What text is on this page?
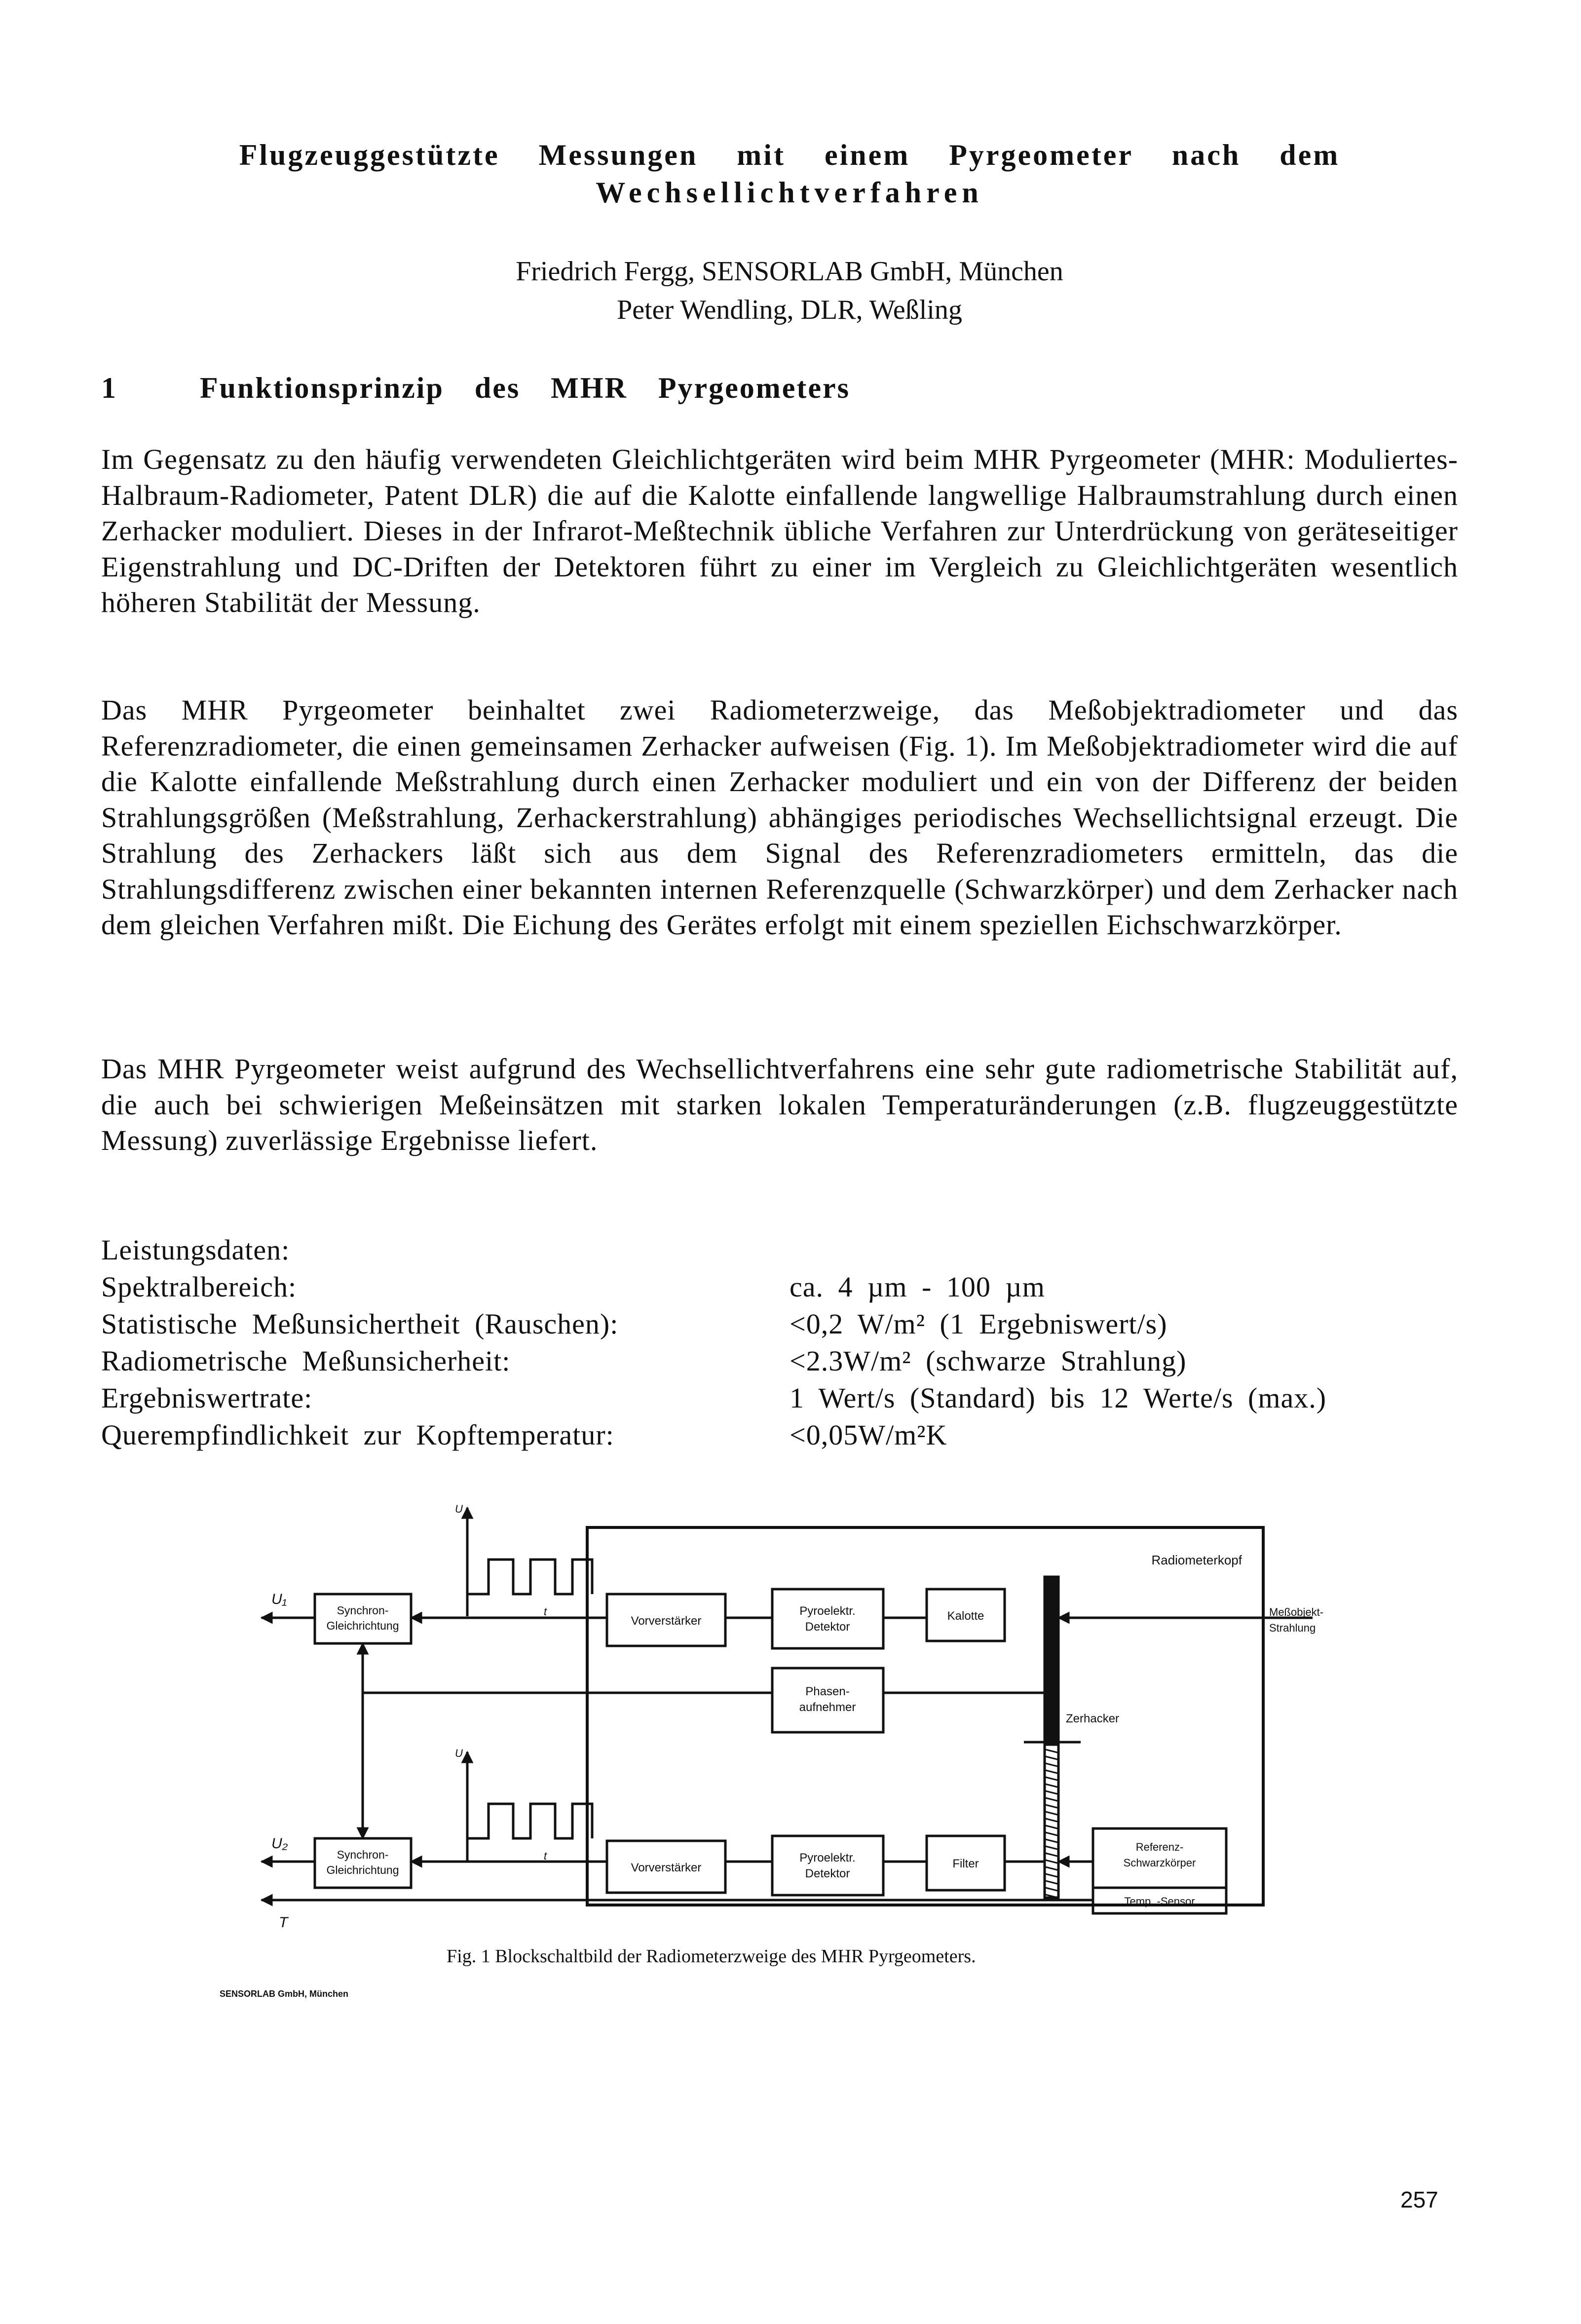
Flugzeuggestützte Messungen mit einem Pyrgeometer nach dem
Wechsellichtverfahren
Friedrich Fergg, SENSORLAB GmbH, München
Peter Wendling, DLR, Weßling
1	Funktionsprinzip des MHR Pyrgeometers
Im Gegensatz zu den häufig verwendeten Gleichlichtgeräten wird beim MHR Pyrgeometer (MHR: Moduliertes-Halbraum-Radiometer, Patent DLR) die auf die Kalotte einfallende langwellige Halbraumstrahlung durch einen Zerhacker moduliert. Dieses in der Infrarot-Meßtechnik übliche Verfahren zur Unterdrückung von geräteseitiger Eigenstrahlung und DC-Driften der Detektoren führt zu einer im Vergleich zu Gleichlichtgeräten wesentlich höheren Stabilität der Messung.
Das MHR Pyrgeometer beinhaltet zwei Radiometerzweige, das Meßobjektradiometer und das Referenzradiometer, die einen gemeinsamen Zerhacker aufweisen (Fig. 1). Im Meßobjektradiometer wird die auf die Kalotte einfallende Meßstrahlung durch einen Zerhacker moduliert und ein von der Differenz der beiden Strahlungsgrößen (Meßstrahlung, Zerhackerstrahlung) abhängiges periodisches Wechsellichtsignal erzeugt. Die Strahlung des Zerhackers läßt sich aus dem Signal des Referenzradiometers ermitteln, das die Strahlungsdifferenz zwischen einer bekannten internen Referenzquelle (Schwarzkörper) und dem Zerhacker nach dem gleichen Verfahren mißt. Die Eichung des Gerätes erfolgt mit einem speziellen Eichschwarzkörper.
Das MHR Pyrgeometer weist aufgrund des Wechsellichtverfahrens eine sehr gute radiometrische Stabilität auf, die auch bei schwierigen Meßeinsätzen mit starken lokalen Temperaturänderungen (z.B. flugzeuggestützte Messung) zuverlässige Ergebnisse liefert.
Leistungsdaten:
Spektralbereich:	ca. 4 µm - 100 µm
Statistische Meßunsichertheit (Rauschen):	<0,2 W/m² (1 Ergebniswert/s)
Radiometrische Meßunsicherheit:	<2.3W/m² (schwarze Strahlung)
Ergebniswertrate:	1 Wert/s (Standard) bis 12 Werte/s (max.)
Querempfindlichkeit zur Kopftemperatur:	<0,05W/m²K
Radiometerkopf
Synchron-
Gleichrichtung	Vorverstärker
Pyroelektr.
Detektor
Kalotte
Phasen-
aufnehmer
Synchron-
Gleichrichtung	Vorverstärker
Pyroelektr.
Detektor
Filter
Referenz-
Schwarzkörper
Temp. -Sensor
Zerhacker
Meßobjekt-
Strahlung
U₁
U₂
T
U
t
U
t
Fig. 1 Blockschaltbild der Radiometerzweige des MHR Pyrgeometers.
SENSORLAB GmbH, München
257
